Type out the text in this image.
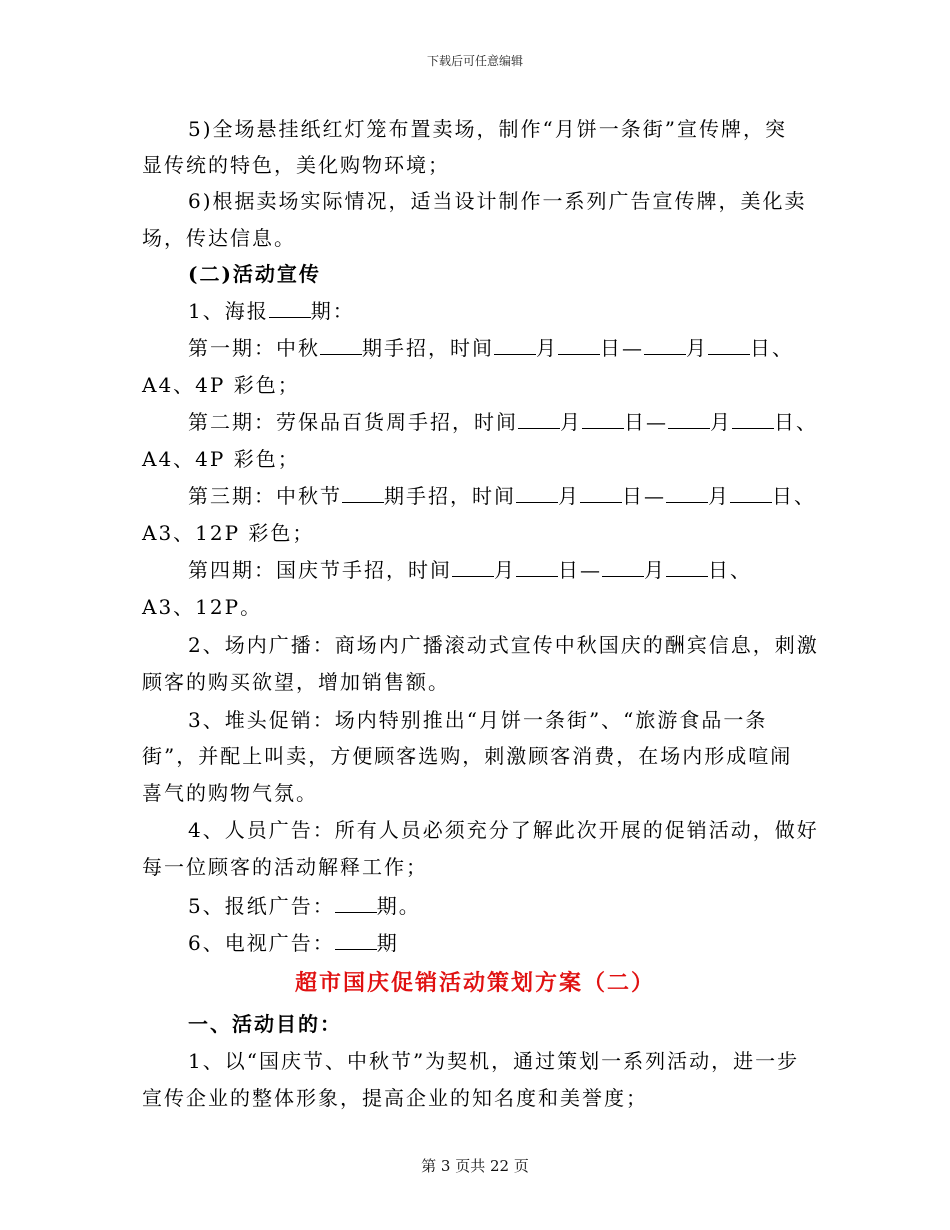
下载后可任意编辑
5)全场悬挂纸红灯笼布置卖场，制作“月饼一条街”宣传牌，突
显传统的特色，美化购物环境；
6)根据卖场实际情况，适当设计制作一系列广告宣传牌，美化卖
场，传达信息。
(二)活动宣传
1、海报 期：
第一期：中秋 期手招，时间 月 日— 月 日、
A4、4P 彩色；
第二期：劳保品百货周手招，时间 月 日— 月 日、
A4、4P 彩色；
第三期：中秋节 期手招，时间 月 日— 月 日、
A3、12P 彩色；
第四期：国庆节手招，时间 月 日— 月 日、
A3、12P。
2、场内广播：商场内广播滚动式宣传中秋国庆的酬宾信息，刺激
顾客的购买欲望，增加销售额。
3、堆头促销：场内特别推出“月饼一条街”、“旅游食品一条
街”，并配上叫卖，方便顾客选购，刺激顾客消费，在场内形成喧闹
喜气的购物气氛。
4、人员广告：所有人员必须充分了解此次开展的促销活动，做好
每一位顾客的活动解释工作；
5、报纸广告： 期。
6、电视广告： 期
超市国庆促销活动策划方案（二）
一、活动目的：
1、以“国庆节、中秋节”为契机，通过策划一系列活动，进一步
宣传企业的整体形象，提高企业的知名度和美誉度；
第 3 页共 22 页
